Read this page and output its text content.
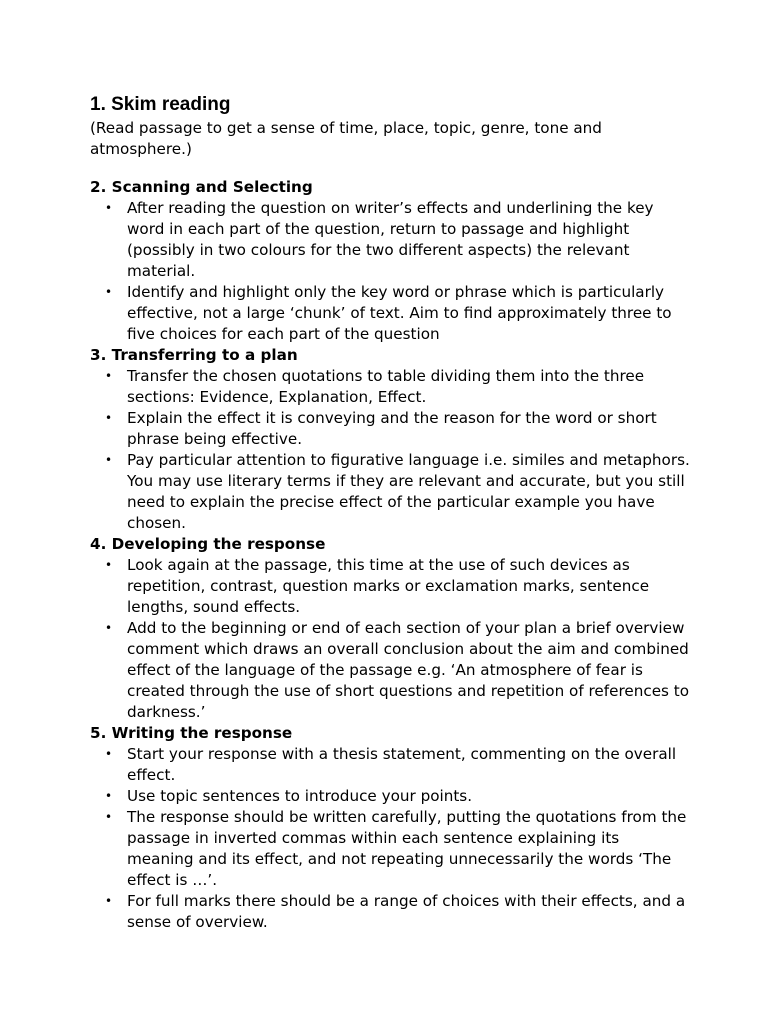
1. Skim reading

(Read passage to get a sense of time, place, topic, genre, tone and atmosphere.)

2. Scanning and Selecting

• After reading the question on writer’s effects and underlining the key word in each part of the question, return to passage and highlight (possibly in two colours for the two different aspects) the relevant material.
• Identify and highlight only the key word or phrase which is particularly effective, not a large ‘chunk’ of text. Aim to find approximately three to five choices for each part of the question

3. Transferring to a plan

• Transfer the chosen quotations to table dividing them into the three sections: Evidence, Explanation, Effect.
• Explain the effect it is conveying and the reason for the word or short phrase being effective.
• Pay particular attention to figurative language i.e. similes and metaphors. You may use literary terms if they are relevant and accurate, but you still need to explain the precise effect of the particular example you have chosen.

4. Developing the response

• Look again at the passage, this time at the use of such devices as repetition, contrast, question marks or exclamation marks, sentence lengths, sound effects.
• Add to the beginning or end of each section of your plan a brief overview comment which draws an overall conclusion about the aim and combined effect of the language of the passage e.g. ‘An atmosphere of fear is created through the use of short questions and repetition of references to darkness.’

5. Writing the response

• Start your response with a thesis statement, commenting on the overall effect.
• Use topic sentences to introduce your points.
• The response should be written carefully, putting the quotations from the passage in inverted commas within each sentence explaining its meaning and its effect, and not repeating unnecessarily the words ‘The effect is …’.
• For full marks there should be a range of choices with their effects, and a sense of overview.
